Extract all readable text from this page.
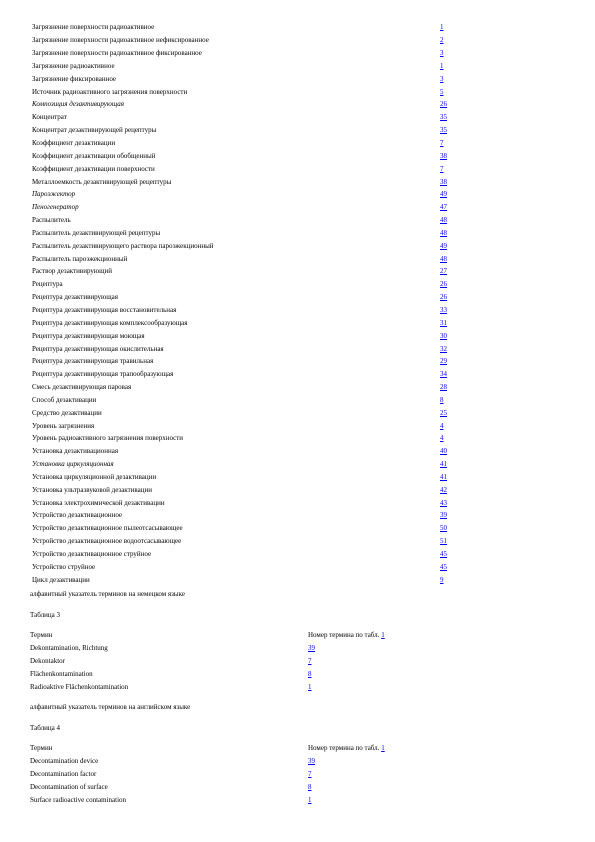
Загрязнение поверхности радиоактивное	1
Загрязнение поверхности радиоактивное нефиксированное	2
Загрязнение поверхности радиоактивное фиксированное	3
Загрязнение радиоактивное	1
Загрязнение фиксированное	3
Источник радиоактивного загрязнения поверхности	5
Композиция дезактивирующая	26
Концентрат	35
Концентрат дезактивирующей рецептуры	35
Коэффициент дезактивации	7
Коэффициент дезактивации обобщенный	38
Коэффициент дезактивации поверхности	7
Металлоемкость дезактивирующей рецептуры	38
Пароэжектор	49
Пеногенератор	47
Распылитель	48
Распылитель дезактивирующей рецептуры	48
Распылитель дезактивирующего раствора пароэжекционный	49
Распылитель пароэжекционный	48
Раствор дезактивирующий	27
Рецептура	26
Рецептура дезактивирующая	26
Рецептура дезактивирующая восстановительная	33
Рецептура дезактивирующая комплексообразующая	31
Рецептура дезактивирующая моющая	30
Рецептура дезактивирующая окислительная	32
Рецептура дезактивирующая травильная	29
Рецептура дезактивирующая трапообразующая	34
Смесь дезактивирующая паровая	28
Способ дезактивации	8
Средство дезактивации	25
Уровень загрязнения	4
Уровень радиоактивного загрязнения поверхности	4
Установка дезактивационная	40
Установка циркуляционная	41
Установка циркуляционной дезактивации	41
Установка ультразвуковой дезактивации	42
Установка электрохимической дезактивации	43
Устройство дезактивационное	39
Устройство дезактивационное пылеотсасывающее	50
Устройство дезактивационное водоотсасывающее	51
Устройство дезактивационное струйное	45
Устройство струйное	45
Цикл дезактивации	9
алфавитный указатель терминов на немецком языке
Таблица 3
Термин	Номер термина по табл. 1
Dekontamination, Richtung	39
Dekontaktor	7
Flächenkontamination	8
Radioaktive Flächenkontamination	1
алфавитный указатель терминов на английском языке
Таблица 4
Термин	Номер термина по табл. 1
Decontamination device	39
Decontamination factor	7
Decontamination of surface	8
Surface radioactive contamination	1
